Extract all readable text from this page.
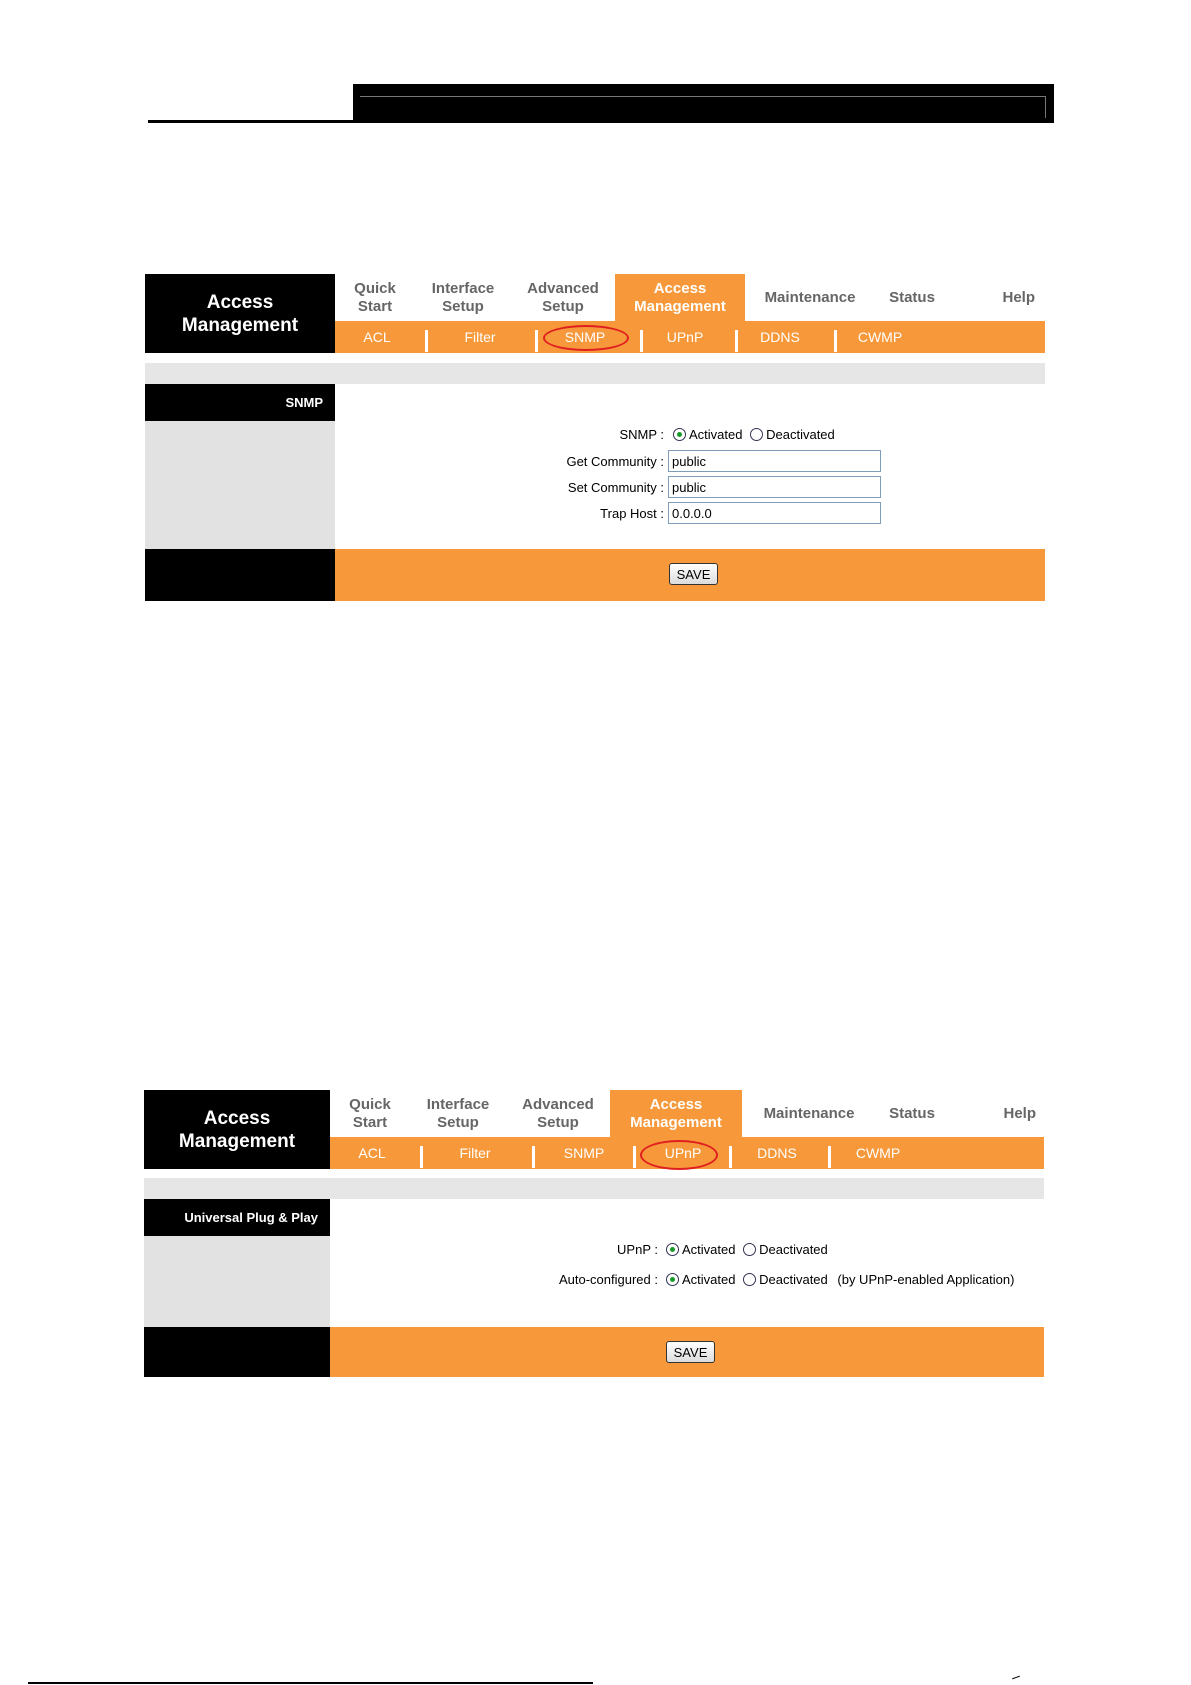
Access
Management
Quick
Start
Interface
Setup
Advanced
Setup
Access
Management
Maintenance Status	Help
ACL	Filter	SNMP	UPnP	DDNS	CWMP
SNMP
SNMP :	Activated Deactivated
Get Community :
public
Set Community :
public
Trap Host :
0.0.0.0
SAVE
Access
Management
Quick
Start
Interface
Setup
Advanced
Setup
Access
Management
Maintenance Status	Help
ACL	Filter	SNMP	UPnP	DDNS	CWMP
Universal Plug & Play
UPnP :	Activated Deactivated
Auto-configured :	Activated Deactivated (by UPnP-enabled Application)
SAVE
